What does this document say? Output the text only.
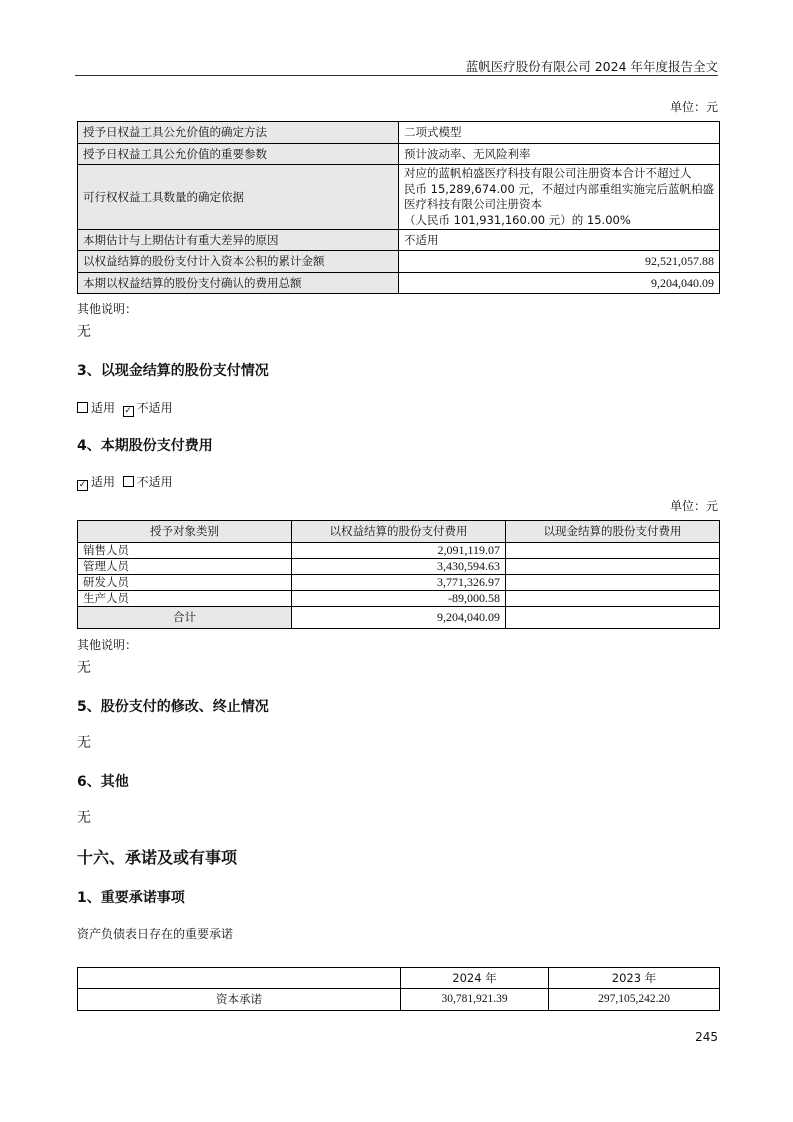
蓝帆医疗股份有限公司 2024 年年度报告全文
单位：元
授予日权益工具公允价值的确定方法	二项式模型
授予日权益工具公允价值的重要参数	预计波动率、无风险利率
可行权权益工具数量的确定依据	对应的蓝帆柏盛医疗科技有限公司注册资本合计不超过人
民币 15,289,674.00 元，不超过内部重组实施完后蓝帆柏盛
医疗科技有限公司注册资本
（人民币 101,931,160.00 元）的 15.00%

本期估计与上期估计有重大差异的原因	不适用
以权益结算的股份支付计入资本公积的累计金额	92,521,057.88
本期以权益结算的股份支付确认的费用总额	9,204,040.09
其他说明：
无
3、以现金结算的股份支付情况
适用 ✓ 不适用
4、本期股份支付费用
✓ 适用 不适用
单位：元
授予对象类别	以权益结算的股份支付费用	以现金结算的股份支付费用
销售人员	2,091,119.07	
管理人员	3,430,594.63	
研发人员	3,771,326.97	
生产人员	-89,000.58	
合计	9,204,040.09	
其他说明：
无
5、股份支付的修改、终止情况
无
6、其他
无
十六、承诺及或有事项
1、重要承诺事项
资产负债表日存在的重要承诺
	2024 年	2023 年
资本承诺	30,781,921.39	297,105,242.20
245
